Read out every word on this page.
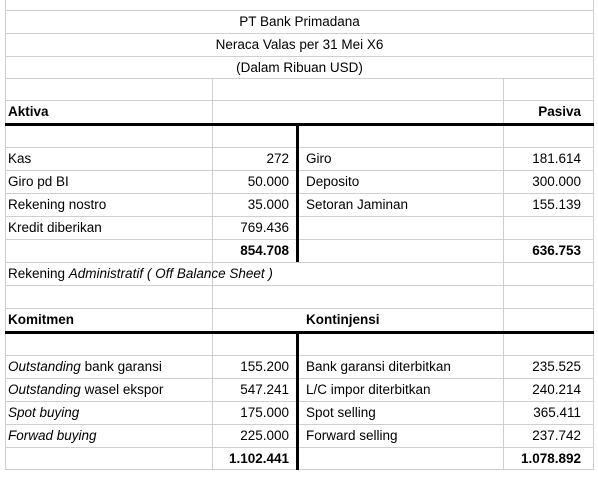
PT Bank Primadana
Neraca Valas per 31 Mei X6
(Dalam Ribuan USD)
Aktiva	Pasiva
Kas	272 Giro	181.614
Giro pd BI	50.000 Deposito	300.000
Rekening nostro	35.000 Setoran Jaminan	155.139
Kredit diberikan	769.436
854.708	636.753
Rekening Administratif ( Off Balance Sheet )
Komitmen	Kontinjensi
Outstanding bank garansi	155.200 Bank garansi diterbitkan	235.525
Outstanding wasel ekspor	547.241 L/C impor diterbitkan	240.214
Spot buying	175.000 Spot selling	365.411
Forwad buying	225.000 Forward selling	237.742
1.102.441	1.078.892
